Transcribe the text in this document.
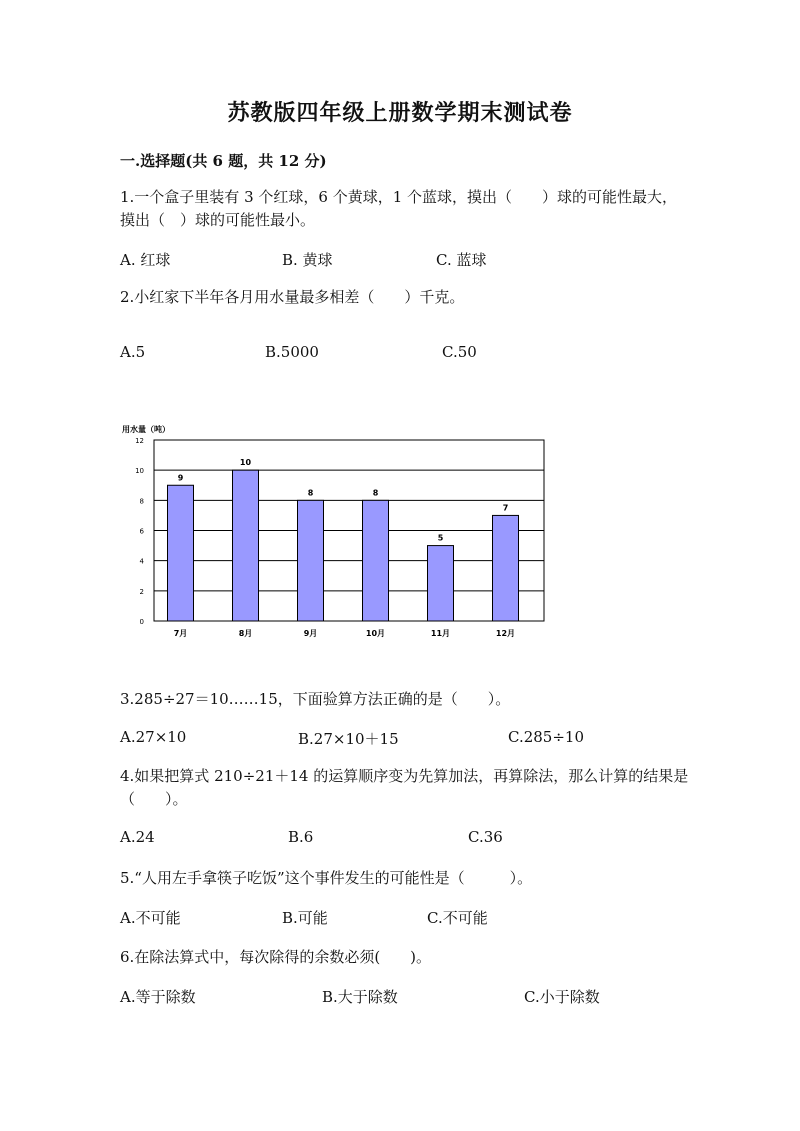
苏教版四年级上册数学期末测试卷
一.选择题(共 6 题，共 12 分)
1.一个盒子里装有 3 个红球，6 个黄球，1 个蓝球，摸出（　　）球的可能性最大，摸出（　）球的可能性最小。
A. 红球	B. 黄球	C. 蓝球
2.小红家下半年各月用水量最多相差（　　）千克。
A.5	B.5000	C.50
用水量（吨）
0
2
4
6
8
10
12
9
7月
10
8月
8
9月
8
10月
5
11月
7
12月
3.285÷27＝10……15，下面验算方法正确的是（　　）。
A.27×10	B.27×10＋15	C.285÷10
4.如果把算式 210÷21＋14 的运算顺序变为先算加法，再算除法，那么计算的结果是（　　）。
A.24	B.6	C.36
5.“人用左手拿筷子吃饭”这个事件发生的可能性是（　　　）。
A.不可能	B.可能	C.不可能
6.在除法算式中，每次除得的余数必须(　　)。
A.等于除数	B.大于除数	C.小于除数
